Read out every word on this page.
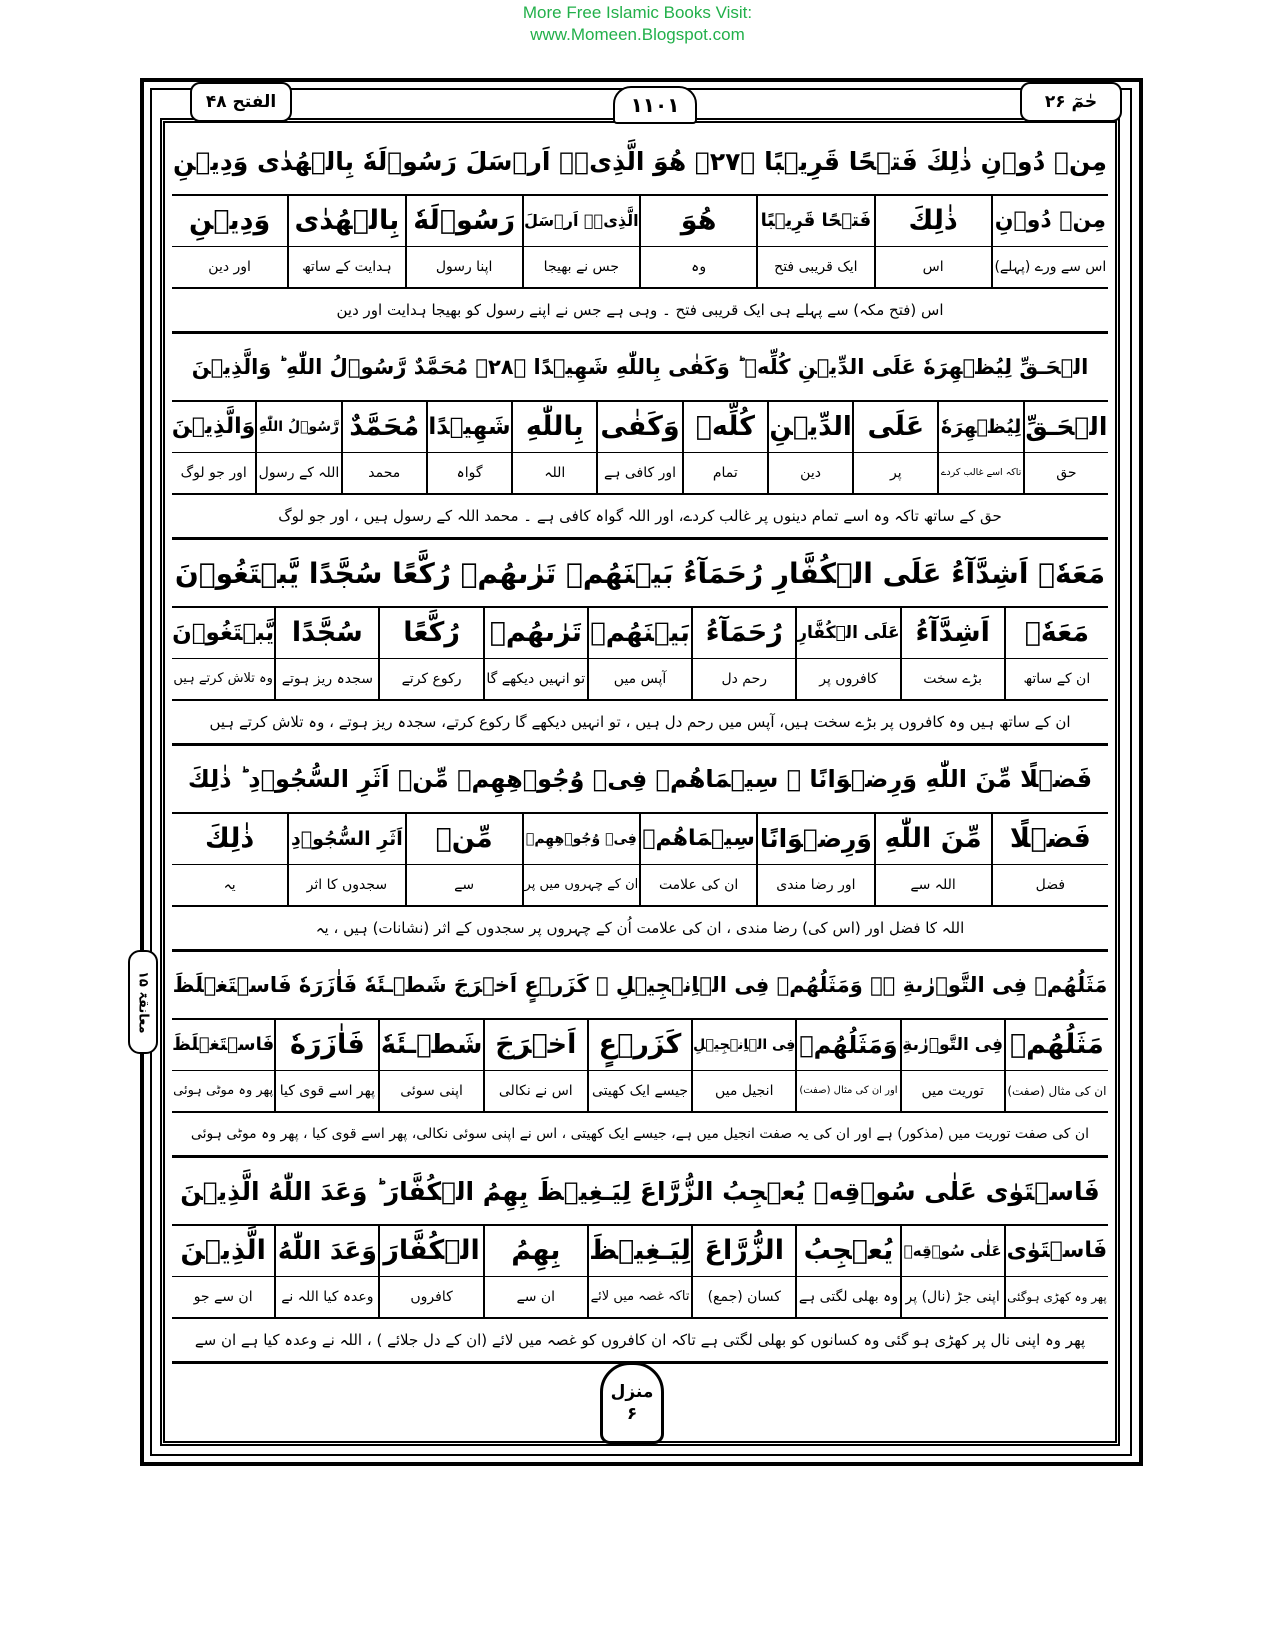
More Free Islamic Books Visit:
www.Momeen.Blogspot.com
الفتح ۴۸	۱۱۰۱	حٰمٓ ۲۶
معانقۃ ۱۵
مِنۡ دُوۡنِ ذٰلِكَ فَتۡحًا قَرِيۡبًا ﴿۲۷﴾ هُوَ الَّذِىۡۤ اَرۡسَلَ رَسُوۡلَهٗ بِالۡهُدٰى وَدِيۡنِ
مِنۡ دُوۡنِ
اس سے ورے (پہلے)
ذٰلِكَ
اس
فَتۡحًا قَرِيۡبًا
ایک قریبی فتح
هُوَ
وہ
الَّذِىۡۤ اَرۡسَلَ
جس نے بھیجا
رَسُوۡلَهٗ
اپنا رسول
بِالۡهُدٰى
ہدایت کے ساتھ
وَدِيۡنِ
اور دین
اس (فتح مکہ) سے پہلے ہی ایک قریبی فتح ۔ وہی ہے جس نے اپنے رسول کو بھیجا ہدایت اور دین
الۡحَـقِّ لِيُظۡهِرَهٗ عَلَى الدِّيۡنِ كُلِّهٖ ؕ وَكَفٰى بِاللّٰهِ شَهِيۡدًا ﴿۲۸﴾ مُحَمَّدٌ رَّسُوۡلُ اللّٰهِ ؕ وَالَّذِيۡنَ
الۡحَـقِّ
حق
لِيُظۡهِرَهٗ
تاکہ اسے غالب کردے
عَلَى
پر
الدِّيۡنِ
دین
كُلِّهٖ
تمام
وَكَفٰى
اور کافی ہے
بِاللّٰهِ
اللہ
شَهِيۡدًا
گواہ
مُحَمَّدٌ
محمد
رَّسُوۡلُ اللّٰهِ
اللہ کے رسول
وَالَّذِيۡنَ
اور جو لوگ
حق کے ساتھ تاکہ وہ اسے تمام دینوں پر غالب کردے، اور اللہ گواہ کافی ہے ۔ محمد اللہ کے رسول ہیں ، اور جو لوگ
مَعَهٗۤ اَشِدَّآءُ عَلَى الۡكُفَّارِ رُحَمَآءُ بَيۡنَهُمۡ تَرٰٮهُمۡ رُكَّعًا سُجَّدًا يَّبۡتَغُوۡنَ
مَعَهٗۤ
ان کے ساتھ
اَشِدَّآءُ
بڑے سخت
عَلَى الۡكُفَّارِ
کافروں پر
رُحَمَآءُ
رحم دل
بَيۡنَهُمۡ
آپس میں
تَرٰٮهُمۡ
تو انہیں دیکھے گا
رُكَّعًا
رکوع کرتے
سُجَّدًا
سجدہ ریز ہوتے
يَّبۡتَغُوۡنَ
وہ تلاش کرتے ہیں
ان کے ساتھ ہیں وہ کافروں پر بڑے سخت ہیں، آپس میں رحم دل ہیں ، تو انہیں دیکھے گا رکوع کرتے، سجدہ ریز ہوتے ، وہ تلاش کرتے ہیں
فَضۡلًا مِّنَ اللّٰهِ وَرِضۡوَانًا ۖ سِيۡمَاهُمۡ فِىۡ وُجُوۡهِهِمۡ مِّنۡ اَثَرِ السُّجُوۡدِ ؕ ذٰلِكَ
فَضۡلًا
فضل
مِّنَ اللّٰهِ
اللہ سے
وَرِضۡوَانًا
اور رضا مندی
سِيۡمَاهُمۡ
ان کی علامت
فِىۡ وُجُوۡهِهِمۡ
ان کے چہروں میں پر
مِّنۡ
سے
اَثَرِ السُّجُوۡدِ
سجدوں کا اثر
ذٰلِكَ
یہ
اللہ کا فضل اور (اس کی) رضا مندی ، ان کی علامت اُن کے چہروں پر سجدوں کے اثر (نشانات) ہیں ، یہ
مَثَلُهُمۡ فِى التَّوۡرٰٮةِ ۛۖ وَمَثَلُهُمۡ فِى الۡاِنۡجِيۡلِ ۛ كَزَرۡعٍ اَخۡرَجَ شَطۡـئَهٗ فَاٰزَرَهٗ فَاسۡتَغۡلَظَ
مَثَلُهُمۡ
ان کی مثال (صفت)
فِى التَّوۡرٰٮةِ
توریت میں
وَمَثَلُهُمۡ
اور ان کی مثال (صفت)
فِى الۡاِنۡجِيۡلِ
انجیل میں
كَزَرۡعٍ
جیسے ایک کھیتی
اَخۡرَجَ
اس نے نکالی
شَطۡـئَهٗ
اپنی سوئی
فَاٰزَرَهٗ
پھر اسے قوی کیا
فَاسۡتَغۡلَظَ
پھر وہ موٹی ہوئی
ان کی صفت توریت میں (مذکور) ہے اور ان کی یہ صفت انجیل میں ہے، جیسے ایک کھیتی ، اس نے اپنی سوئی نکالی، پھر اسے قوی کیا ، پھر وہ موٹی ہوئی
فَاسۡتَوٰى عَلٰى سُوۡقِهٖ يُعۡجِبُ الزُّرَّاعَ لِيَـغِيۡظَ بِهِمُ الۡكُفَّارَ ؕ وَعَدَ اللّٰهُ الَّذِيۡنَ
فَاسۡتَوٰى
پھر وہ کھڑی ہوگئی
عَلٰى سُوۡقِهٖ
اپنی جڑ (نال) پر
يُعۡجِبُ
وہ بھلی لگتی ہے
الزُّرَّاعَ
کسان (جمع)
لِيَـغِيۡظَ
تاکہ غصہ میں لائے
بِهِمُ
ان سے
الۡكُفَّارَ
کافروں
وَعَدَ اللّٰهُ
وعدہ کیا اللہ نے
الَّذِيۡنَ
ان سے جو
پھر وہ اپنی نال پر کھڑی ہو گئی وہ کسانوں کو بھلی لگتی ہے تاکہ ان کافروں کو غصہ میں لائے (ان کے دل جلائے ) ، اللہ نے وعدہ کیا ہے ان سے
منزل
۶
